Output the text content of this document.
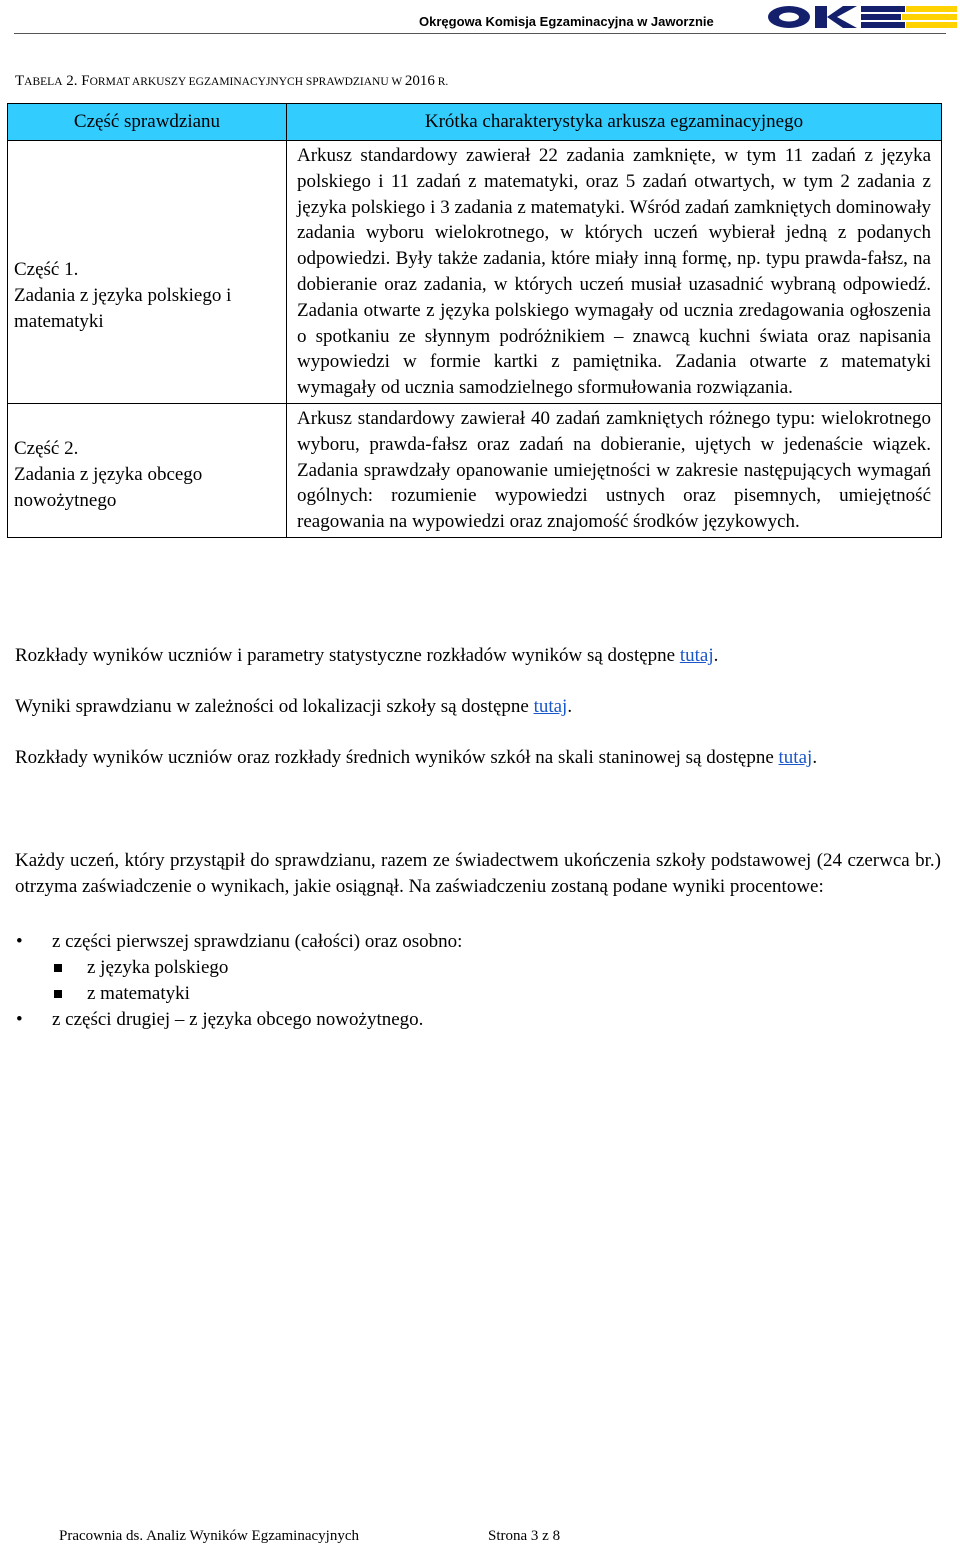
Okręgowa Komisja Egzaminacyjna w Jaworznie
TABELA 2. FORMAT ARKUSZY EGZAMINACYJNYCH SPRAWDZIANU W 2016 R.
Część sprawdzianu	Krótka charakterystyka arkusza egzaminacyjnego

Część 1.
Zadania z języka polskiego i matematyki	Arkusz standardowy zawierał 22 zadania zamknięte, w tym 11 zadań z języka polskiego i 11 zadań z matematyki, oraz 5 zadań otwartych, w tym 2 zadania z języka polskiego i 3 zadania z matematyki. Wśród zadań zamkniętych dominowały zadania wyboru wielokrotnego, w których uczeń wybierał jedną z podanych odpowiedzi. Były także zadania, które miały inną formę, np. typu prawda-fałsz, na dobieranie oraz zadania, w których uczeń musiał uzasadnić wybraną odpowiedź. Zadania otwarte z języka polskiego wymagały od ucznia zredagowania ogłoszenia o spotkaniu ze słynnym podróżnikiem – znawcą kuchni świata oraz napisania wypowiedzi w formie kartki z pamiętnika. Zadania otwarte z matematyki wymagały od ucznia samodzielnego sformułowania rozwiązania.

Część 2.
Zadania z języka obcego nowożytnego	Arkusz standardowy zawierał 40 zadań zamkniętych różnego typu: wielokrotnego wyboru, prawda-fałsz oraz zadań na dobieranie, ujętych w jedenaście wiązek. Zadania sprawdzały opanowanie umiejętności w zakresie następujących wymagań ogólnych: rozumienie wypowiedzi ustnych oraz pisemnych, umiejętność reagowania na wypowiedzi oraz znajomość środków językowych.
Rozkłady wyników uczniów i parametry statystyczne rozkładów wyników są dostępne tutaj.
Wyniki sprawdzianu w zależności od lokalizacji szkoły są dostępne tutaj.
Rozkłady wyników uczniów oraz rozkłady średnich wyników szkół na skali staninowej są dostępne tutaj.
Każdy uczeń, który przystąpił do sprawdzianu, razem ze świadectwem ukończenia szkoły podstawowej (24 czerwca br.) otrzyma zaświadczenie o wynikach, jakie osiągnął. Na zaświadczeniu zostaną podane wyniki procentowe:
• z części pierwszej sprawdzianu (całości) oraz osobno:
z języka polskiego
z matematyki
• z części drugiej – z języka obcego nowożytnego.
Pracownia ds. Analiz Wyników Egzaminacyjnych	Strona 3 z 8
